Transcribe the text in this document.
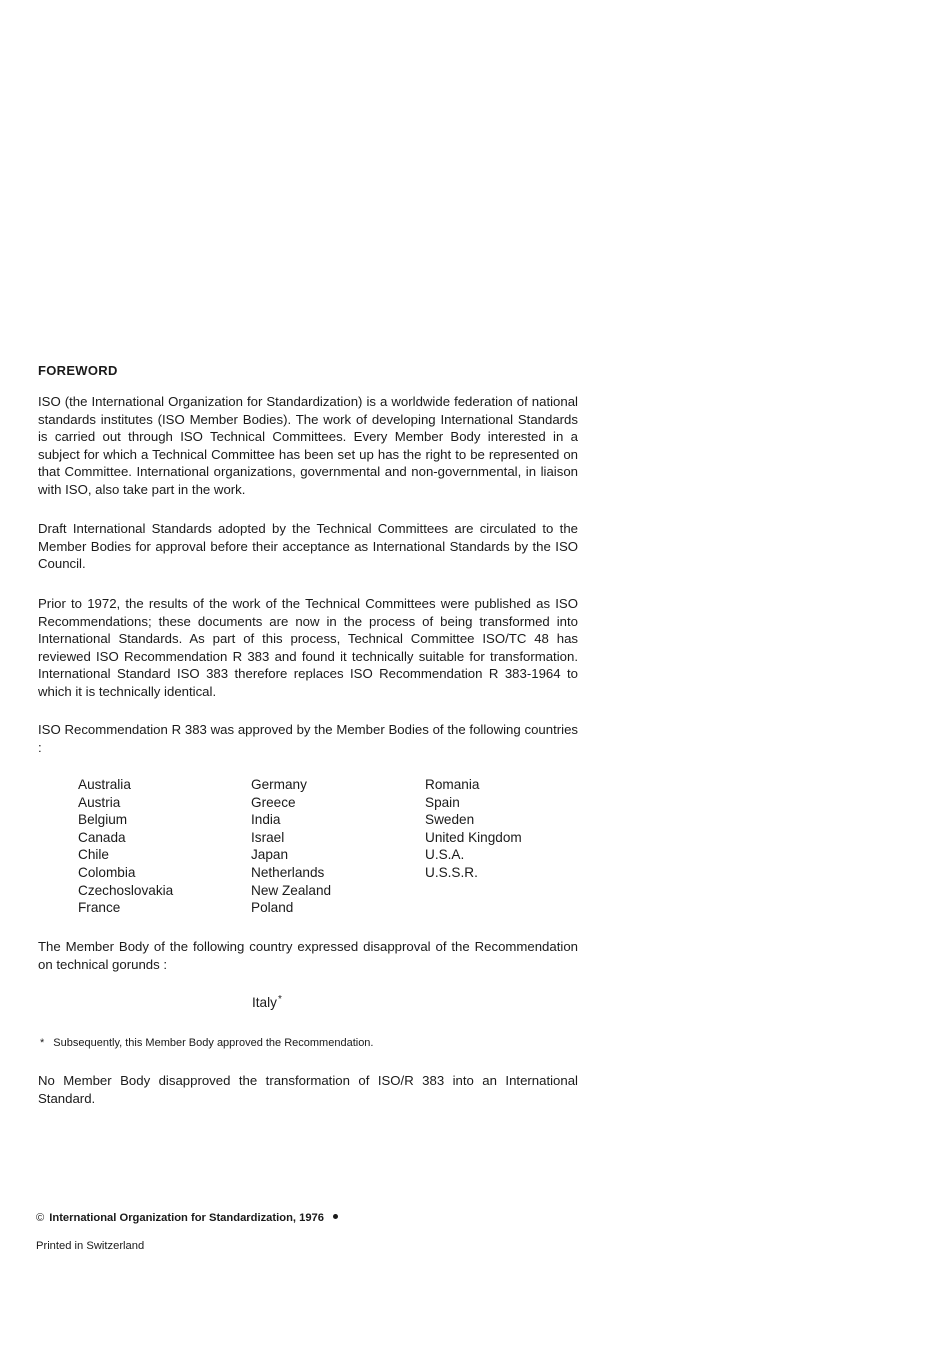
FOREWORD
ISO (the International Organization for Standardization) is a worldwide federation of national standards institutes (ISO Member Bodies). The work of developing International Standards is carried out through ISO Technical Committees. Every Member Body interested in a subject for which a Technical Committee has been set up has the right to be represented on that Committee. International organizations, governmental and non-governmental, in liaison with ISO, also take part in the work.
Draft International Standards adopted by the Technical Committees are circulated to the Member Bodies for approval before their acceptance as International Standards by the ISO Council.
Prior to 1972, the results of the work of the Technical Committees were published as ISO Recommendations; these documents are now in the process of being transformed into International Standards. As part of this process, Technical Committee ISO/TC 48 has reviewed ISO Recommendation R 383 and found it technically suitable for transformation. International Standard ISO 383 therefore replaces ISO Recommendation R 383-1964 to which it is technically identical.
ISO Recommendation R 383 was approved by the Member Bodies of the following countries :
Australia
Austria
Belgium
Canada
Chile
Colombia
Czechoslovakia
France
Germany
Greece
India
Israel
Japan
Netherlands
New Zealand
Poland
Romania
Spain
Sweden
United Kingdom
U.S.A.
U.S.S.R.
The Member Body of the following country expressed disapproval of the Recommendation on technical gorunds :
Italy*
* Subsequently, this Member Body approved the Recommendation.
No Member Body disapproved the transformation of ISO/R 383 into an International Standard.
© International Organization for Standardization, 1976
Printed in Switzerland
